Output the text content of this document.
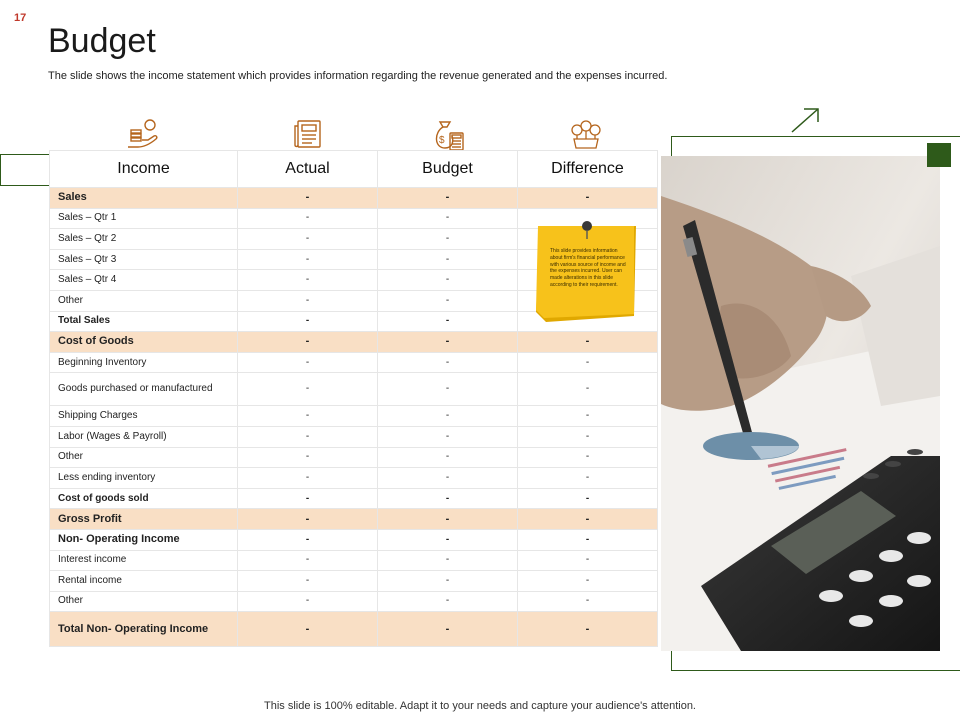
17
Budget
The slide shows the income statement which provides information regarding the revenue generated and the expenses incurred.
$
Income	Actual	Budget	Difference
Sales	-	-	-
Sales – Qtr 1	-	-	
Sales – Qtr 2	-	-	
Sales – Qtr 3	-	-	
Sales – Qtr 4	-	-	
Other	-	-	
Total Sales	-	-	
Cost of Goods	-	-	-
Beginning Inventory	-	-	-
Goods purchased or manufactured	-	-	-
Shipping Charges	-	-	-
Labor (Wages & Payroll)	-	-	-
Other	-	-	-
Less ending inventory	-	-	-
Cost of goods sold	-	-	-
Gross Profit	-	-	-
Non- Operating Income	-	-	-
Interest income	-	-	-
Rental income	-	-	-
Other	-	-	-
Total Non- Operating Income	-	-	-
This slide provides information about firm's financial performance with various source of income and the expenses incurred. User can made alterations in this slide according to their requirement.
This slide is 100% editable. Adapt it to your needs and capture your audience's attention.
